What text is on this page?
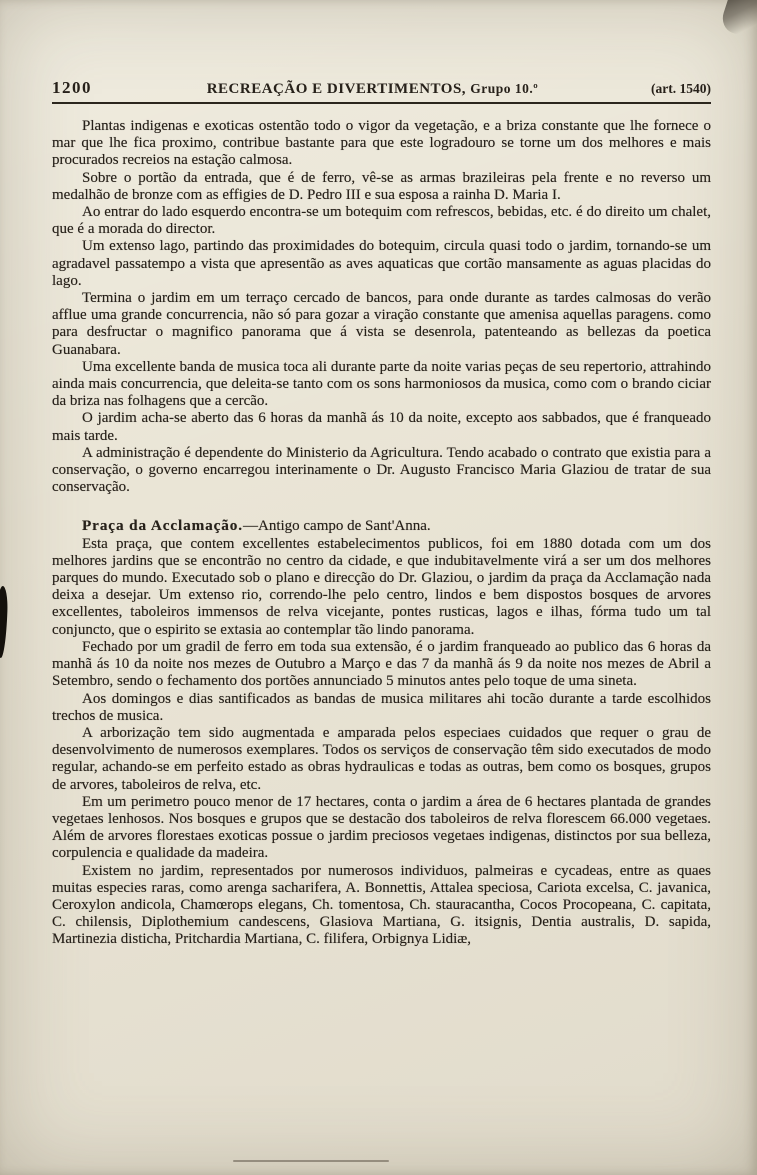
1200	RECREAÇÃO E DIVERTIMENTOS, Grupo 10.º	(art. 1540)

Plantas indigenas e exoticas ostentão todo o vigor da vegetação, e a briza constante que lhe fornece o mar que lhe fica proximo, contribue bastante para que este logradouro se torne um dos melhores e mais procurados recreios na estação calmosa.

Sobre o portão da entrada, que é de ferro, vê-se as armas brazileiras pela frente e no reverso um medalhão de bronze com as effigies de D. Pedro III e sua esposa a rainha D. Maria I.

Ao entrar do lado esquerdo encontra-se um botequim com refrescos, bebidas, etc. é do direito um chalet, que é a morada do director.

Um extenso lago, partindo das proximidades do botequim, circula quasi todo o jardim, tornando-se um agradavel passatempo a vista que apresentão as aves aquaticas que cortão mansamente as aguas placidas do lago.

Termina o jardim em um terraço cercado de bancos, para onde durante as tardes calmosas do verão afflue uma grande concurrencia, não só para gozar a viração constante que amenisa aquellas paragens. como para desfructar o magnifico panorama que á vista se desenrola, patenteando as bellezas da poetica Guanabara.

Uma excellente banda de musica toca ali durante parte da noite varias peças de seu repertorio, attrahindo ainda mais concurrencia, que deleita-se tanto com os sons harmoniosos da musica, como com o brando ciciar da briza nas folhagens que a cercão.

O jardim acha-se aberto das 6 horas da manhã ás 10 da noite, excepto aos sabbados, que é franqueado mais tarde.

A administração é dependente do Ministerio da Agricultura. Tendo acabado o contrato que existia para a conservação, o governo encarregou interinamente o Dr. Augusto Francisco Maria Glaziou de tratar de sua conservação.

Praça da Acclamação.—Antigo campo de Sant'Anna.

Esta praça, que contem excellentes estabelecimentos publicos, foi em 1880 dotada com um dos melhores jardins que se encontrão no centro da cidade, e que indubitavelmente virá a ser um dos melhores parques do mundo. Executado sob o plano e direcção do Dr. Glaziou, o jardim da praça da Acclamação nada deixa a desejar. Um extenso rio, correndo-lhe pelo centro, lindos e bem dispostos bosques de arvores excellentes, taboleiros immensos de relva vicejante, pontes rusticas, lagos e ilhas, fórma tudo um tal conjuncto, que o espirito se extasia ao contemplar tão lindo panorama.

Fechado por um gradil de ferro em toda sua extensão, é o jardim franqueado ao publico das 6 horas da manhã ás 10 da noite nos mezes de Outubro a Março e das 7 da manhã ás 9 da noite nos mezes de Abril a Setembro, sendo o fechamento dos portões annunciado 5 minutos antes pelo toque de uma sineta.

Aos domingos e dias santificados as bandas de musica militares ahi tocão durante a tarde escolhidos trechos de musica.

A arborização tem sido augmentada e amparada pelos especiaes cuidados que requer o grau de desenvolvimento de numerosos exemplares. Todos os serviços de conservação têm sido executados de modo regular, achando-se em perfeito estado as obras hydraulicas e todas as outras, bem como os bosques, grupos de arvores, taboleiros de relva, etc.

Em um perimetro pouco menor de 17 hectares, conta o jardim a área de 6 hectares plantada de grandes vegetaes lenhosos. Nos bosques e grupos que se destacão dos taboleiros de relva florescem 66.000 vegetaes. Além de arvores florestaes exoticas possue o jardim preciosos vegetaes indigenas, distinctos por sua belleza, corpulencia e qualidade da madeira.

Existem no jardim, representados por numerosos individuos, palmeiras e cycadeas, entre as quaes muitas especies raras, como arenga sacharifera, A. Bonnettis, Attalea speciosa, Cariota excelsa, C. javanica, Ceroxylon andicola, Chamœrops elegans, Ch. tomentosa, Ch. stauracantha, Cocos Procopeana, C. capitata, C. chilensis, Diplothemium candescens, Glasiova Martiana, G. itsignis, Dentia australis, D. sapida, Martinezia disticha, Pritchardia Martiana, C. filifera, Orbignya Lidiæ,
